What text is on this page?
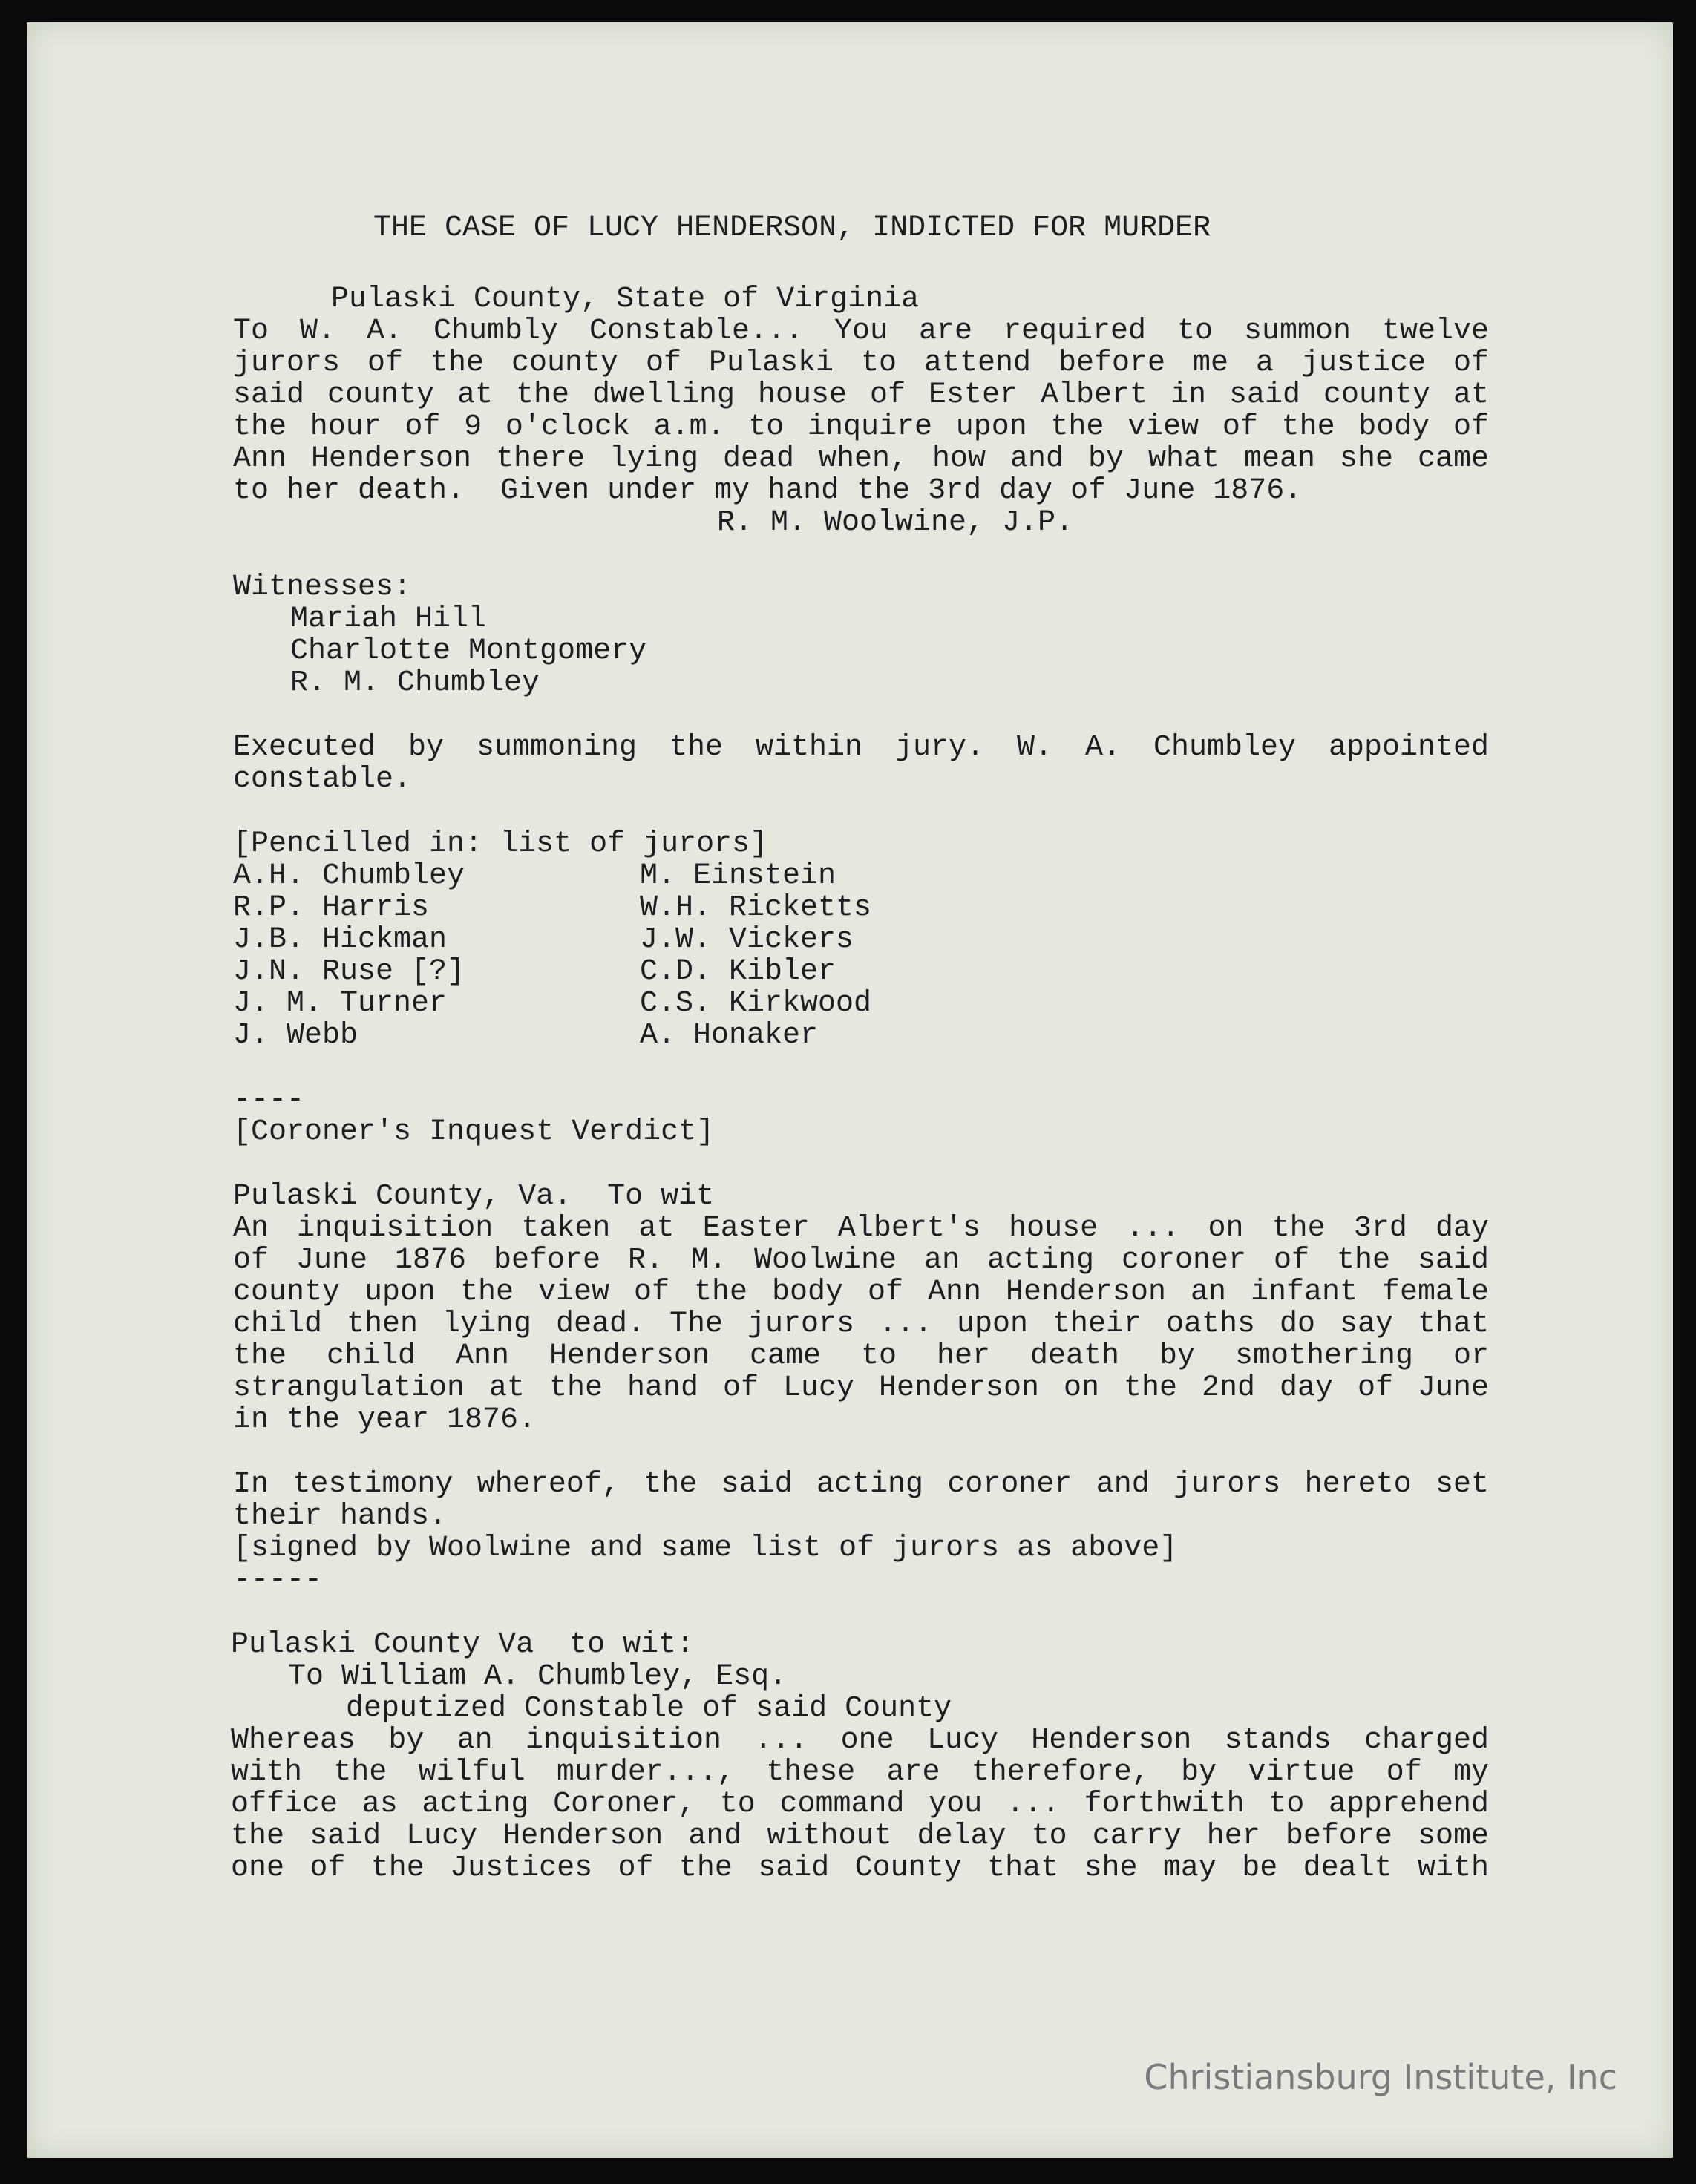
THE CASE OF LUCY HENDERSON, INDICTED FOR MURDER
Pulaski County, State of Virginia
To W. A. Chumbly Constable... You are required to summon twelve
jurors of the county of Pulaski to attend before me a justice of
said county at the dwelling house of Ester Albert in said county at
the hour of 9 o'clock a.m. to inquire upon the view of the body of
Ann Henderson there lying dead when, how and by what mean she came
to her death.  Given under my hand the 3rd day of June 1876.
R. M. Woolwine, J.P.
Witnesses:
Mariah Hill
Charlotte Montgomery
R. M. Chumbley
Executed by summoning the within jury. W. A. Chumbley appointed
constable.
[Pencilled in: list of jurors]
A.H. Chumbley
R.P. Harris
J.B. Hickman
J.N. Ruse [?]
J. M. Turner
J. Webb
M. Einstein
W.H. Ricketts
J.W. Vickers
C.D. Kibler
C.S. Kirkwood
A. Honaker
----
[Coroner's Inquest Verdict]
Pulaski County, Va.  To wit
An inquisition taken at Easter Albert's house ... on the 3rd day
of June 1876 before R. M. Woolwine an acting coroner of the said
county upon the view of the body of Ann Henderson an infant female
child then lying dead. The jurors ... upon their oaths do say that
the child Ann Henderson came to her death by smothering or
strangulation at the hand of Lucy Henderson on the 2nd day of June
in the year 1876.
In testimony whereof, the said acting coroner and jurors hereto set
their hands.
[signed by Woolwine and same list of jurors as above]
-----
Pulaski County Va  to wit:
To William A. Chumbley, Esq.
deputized Constable of said County
Whereas by an inquisition ... one Lucy Henderson stands charged
with the wilful murder..., these are therefore, by virtue of my
office as acting Coroner, to command you ... forthwith to apprehend
the said Lucy Henderson and without delay to carry her before some
one of the Justices of the said County that she may be dealt with
Christiansburg Institute, Inc
